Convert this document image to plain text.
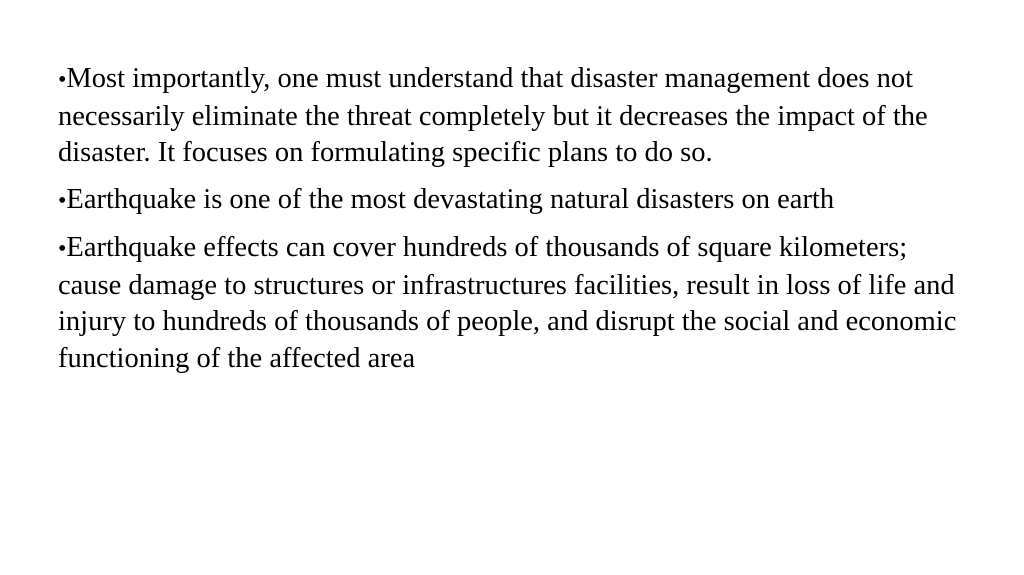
•Most importantly, one must understand that disaster management does not necessarily eliminate the threat completely but it decreases the impact of the disaster. It focuses on formulating specific plans to do so.

•Earthquake is one of the most devastating natural disasters on earth

•Earthquake effects can cover hundreds of thousands of square kilometers; cause damage to structures or infrastructures facilities, result in loss of life and injury to hundreds of thousands of people, and disrupt the social and economic functioning of the affected area
